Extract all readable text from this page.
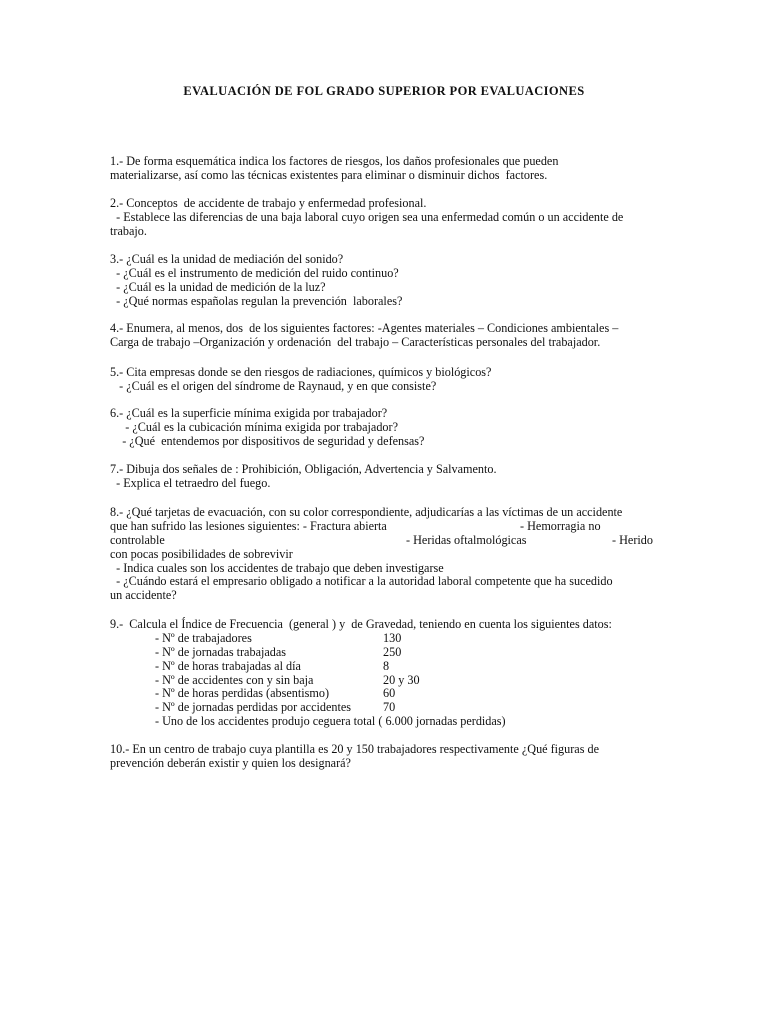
EVALUACIÓN DE FOL GRADO SUPERIOR POR EVALUACIONES
1.- De forma esquemática indica los factores de riesgos, los daños profesionales que pueden
materializarse, así como las técnicas existentes para eliminar o disminuir dichos  factores.
2.- Conceptos  de accidente de trabajo y enfermedad profesional.
- Establece las diferencias de una baja laboral cuyo origen sea una enfermedad común o un accidente de
trabajo.
3.- ¿Cuál es la unidad de mediación del sonido?
- ¿Cuál es el instrumento de medición del ruido continuo?
- ¿Cuál es la unidad de medición de la luz?
- ¿Qué normas españolas regulan la prevención  laborales?
4.- Enumera, al menos, dos  de los siguientes factores: -Agentes materiales – Condiciones ambientales –
Carga de trabajo –Organización y ordenación  del trabajo – Características personales del trabajador.
5.- Cita empresas donde se den riesgos de radiaciones, químicos y biológicos?
- ¿Cuál es el origen del síndrome de Raynaud, y en que consiste?
6.- ¿Cuál es la superficie mínima exigida por trabajador?
- ¿Cuál es la cubicación mínima exigida por trabajador?
- ¿Qué  entendemos por dispositivos de seguridad y defensas?
7.- Dibuja dos señales de : Prohibición, Obligación, Advertencia y Salvamento.
- Explica el tetraedro del fuego.
8.- ¿Qué tarjetas de evacuación, con su color correspondiente, adjudicarías a las víctimas de un accidente
que han sufrido las lesiones siguientes: - Fractura abierta	- Hemorragia no
controlable	- Heridas oftalmológicas	- Herido
con pocas posibilidades de sobrevivir
- Indica cuales son los accidentes de trabajo que deben investigarse
- ¿Cuándo estará el empresario obligado a notificar a la autoridad laboral competente que ha sucedido
un accidente?
9.-  Calcula el Índice de Frecuencia  (general ) y  de Gravedad, teniendo en cuenta los siguientes datos:
- Nº de trabajadores	130
- Nº de jornadas trabajadas	250
- Nº de horas trabajadas al día	8
- Nº de accidentes con y sin baja	20 y 30
- Nº de horas perdidas (absentismo)	60
- Nº de jornadas perdidas por accidentes	70
- Uno de los accidentes produjo ceguera total ( 6.000 jornadas perdidas)
10.- En un centro de trabajo cuya plantilla es 20 y 150 trabajadores respectivamente ¿Qué figuras de
prevención deberán existir y quien los designará?
